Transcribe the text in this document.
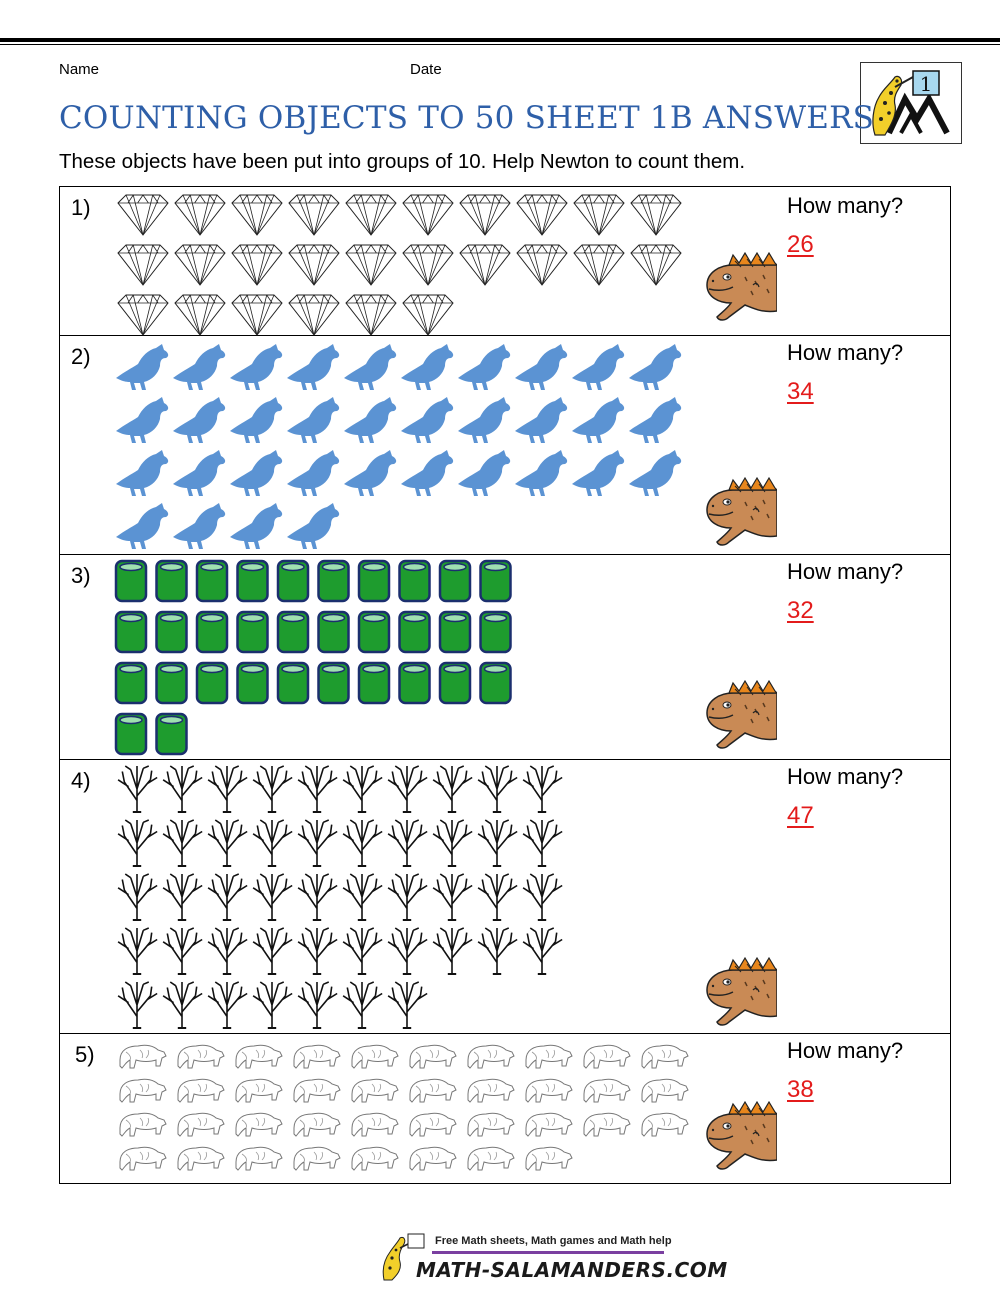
Name	Date
1
COUNTING OBJECTS TO 50 SHEET 1B ANSWERS
These objects have been put into groups of 10. Help Newton to count them.
1)	How many?
26
2)	How many?
34
3)	How many?
32
4)	How many?
47
5)	How many?
38
Free Math sheets, Math games and Math help
MATH-SALAMANDERS.COM
